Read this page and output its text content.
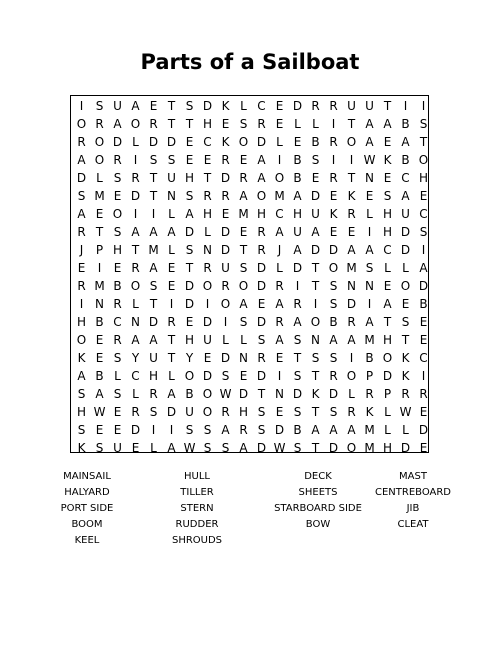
Parts of a Sailboat
I	S U A E T S D K L C E D R R U U T	I	I
O R A O R T T H E S R E L L	I	T A A B S
R O D L D D E C K O D L E B R O A E A T
A O R	I	S S E E R E A	I	B S	I	I W K B O
D L S R T U H T D R A O B E R T N E C H
S M E D T N S R R A O M A D E K E S A E
A E O I	I	L A H E M H C H U K R L H U C
R T S A A A D L D E R A U A E E	I H D S
J	P H T M L S N D T R	J	A D D A A C D I
E	I	E R A E T R U S D L D T O M S L L A
R M B O S E D O R O D R	I	T S N N E O D
I N R L T	I D I O A E A R	I	S D I	A E B
H B C N D R E D I	S D R A O B R A T S E
O E R A A T H U L L S A S N A A M H T E
K E S Y U T Y E D N R E T S S	I	B O K C
A B L C H L O D S E D I	S T R O P D K	I
S A S L R A B O W D T N D K D L R P R R
H W E R S D U O R H S E S T S R K L W E
S E E D I	I	S S A R S D B A A A M L L D
K S U E L A W S S A D W S T D O M H D E
MAINSAIL	HULL	DECK	MAST
HALYARD	TILLER	SHEETS	CENTREBOARD
PORT SIDE	STERN	STARBOARD SIDE	JIB
BOOM	RUDDER	BOW	CLEAT
KEEL	SHROUDS
